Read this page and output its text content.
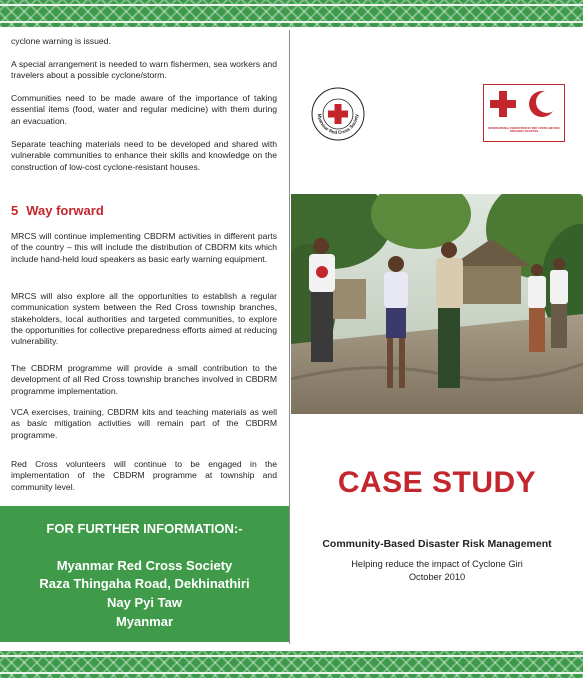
cyclone warning is issued.

A special arrangement is needed to warn fishermen, sea workers and travelers about a possible cyclone/storm.

Communities need to be made aware of the importance of taking essential items (food, water and regular medicine) with them during an evacuation.

Separate teaching materials need to be developed and shared with vulnerable communities to enhance their skills and knowledge on the construction of low-cost cyclone-resistant houses.

5 Way forward

MRCS will continue implementing CBDRM activities in different parts of the country – this will include the distribution of CBDRM kits which include hand-held loud speakers as basic early warning equipment.

MRCS will also explore all the opportunities to establish a regular communication system between the Red Cross township branches, stakeholders, local authorities and targeted communities, to explore the opportunities for collective preparedness efforts aimed at reducing vulnerability.

The CBDRM programme will provide a small contribution to the development of all Red Cross township branches involved in CBDRM programme implementation.

VCA exercises, training, CBDRM kits and teaching materials as well as basic mitigation activities will remain part of the CBDRM programme.

Red Cross volunteers will continue to be engaged in the implementation of the CBDRM programme at township and community level.

FOR FURTHER INFORMATION:-
Myanmar Red Cross Society
Raza Thingaha Road, Dekhinathiri
Nay Pyi Taw
Myanmar
Myanmar Red Cross Society
INTERNATIONAL FEDERATION OF RED CROSS AND RED CRESCENT SOCIETIES
CASE STUDY
Community-Based Disaster Risk Management
Helping reduce the impact of Cyclone Giri
October 2010
